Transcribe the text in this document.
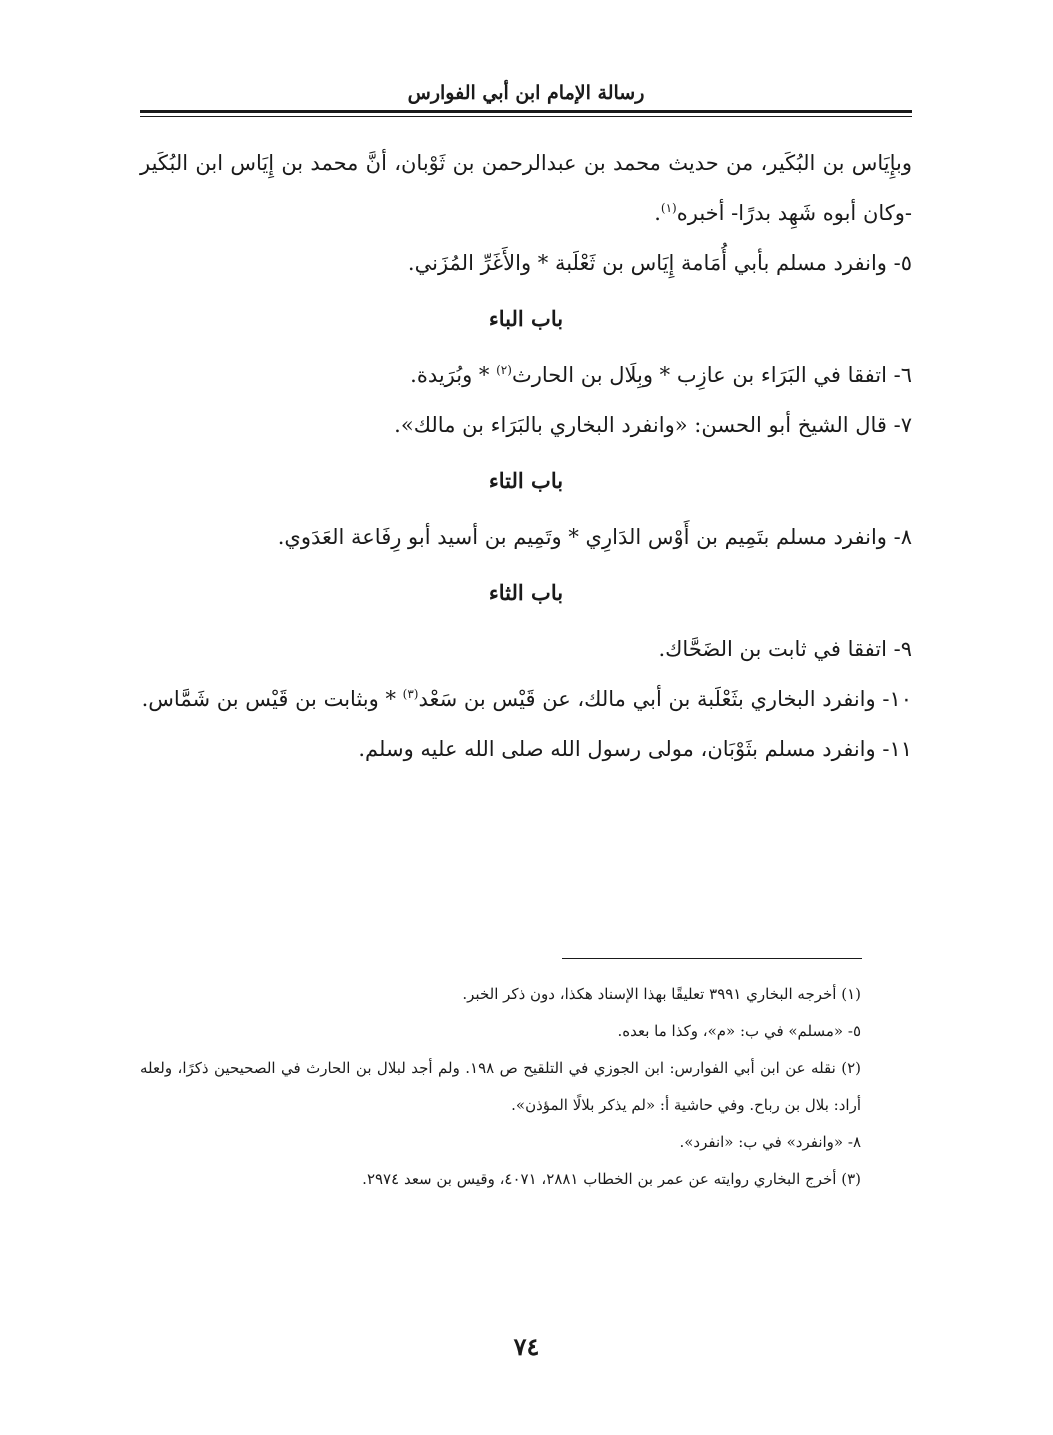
رسالة الإمام ابن أبي الفوارس

وبإِيَاس بن البُكَير، من حديث محمد بن عبدالرحمن بن ثَوْبان، أنَّ محمد بن إِيَاس ابن البُكَير -وكان أبوه شَهِد بدرًا- أخبره$^{(١)}$.

٥- وانفرد مسلم بأبي أُمَامة إِيَاس بن ثَعْلَبة * والأَغَرِّ المُزَني.

باب الباء

٦- اتفقا في البَرَاء بن عازِب * وبِلَال بن الحارث$^{(٢)}$ * وبُرَيدة.

٧- قال الشيخ أبو الحسن: «وانفرد البخاري بالبَرَاء بن مالك».

باب التاء

٨- وانفرد مسلم بتَمِيم بن أَوْس الدَارِي * وتَمِيم بن أسيد أبو رِفَاعة العَدَوي.

باب الثاء

٩- اتفقا في ثابت بن الضَحَّاك.

١٠- وانفرد البخاري بثَعْلَبة بن أبي مالك، عن قَيْس بن سَعْد$^{(٣)}$ * وبثابت بن قَيْس بن شَمَّاس.

١١- وانفرد مسلم بثَوْبَان، مولى رسول الله صلى الله عليه وسلم.

(١) أخرجه البخاري ٣٩٩١ تعليقًا بهذا الإسناد هكذا، دون ذكر الخبر.

٥- «مسلم» في ب: «م»، وكذا ما بعده.

(٢) نقله عن ابن أبي الفوارس: ابن الجوزي في التلقيح ص ١٩٨. ولم أجد لبلال بن الحارث في الصحيحين ذكرًا، ولعله أراد: بلال بن رباح. وفي حاشية أ: «لم يذكر بلالًا المؤذن».

٨- «وانفرد» في ب: «انفرد».

(٣) أخرج البخاري روايته عن عمر بن الخطاب ٢٨٨١، ٤٠٧١، وقيس بن سعد ٢٩٧٤.

٧٤
